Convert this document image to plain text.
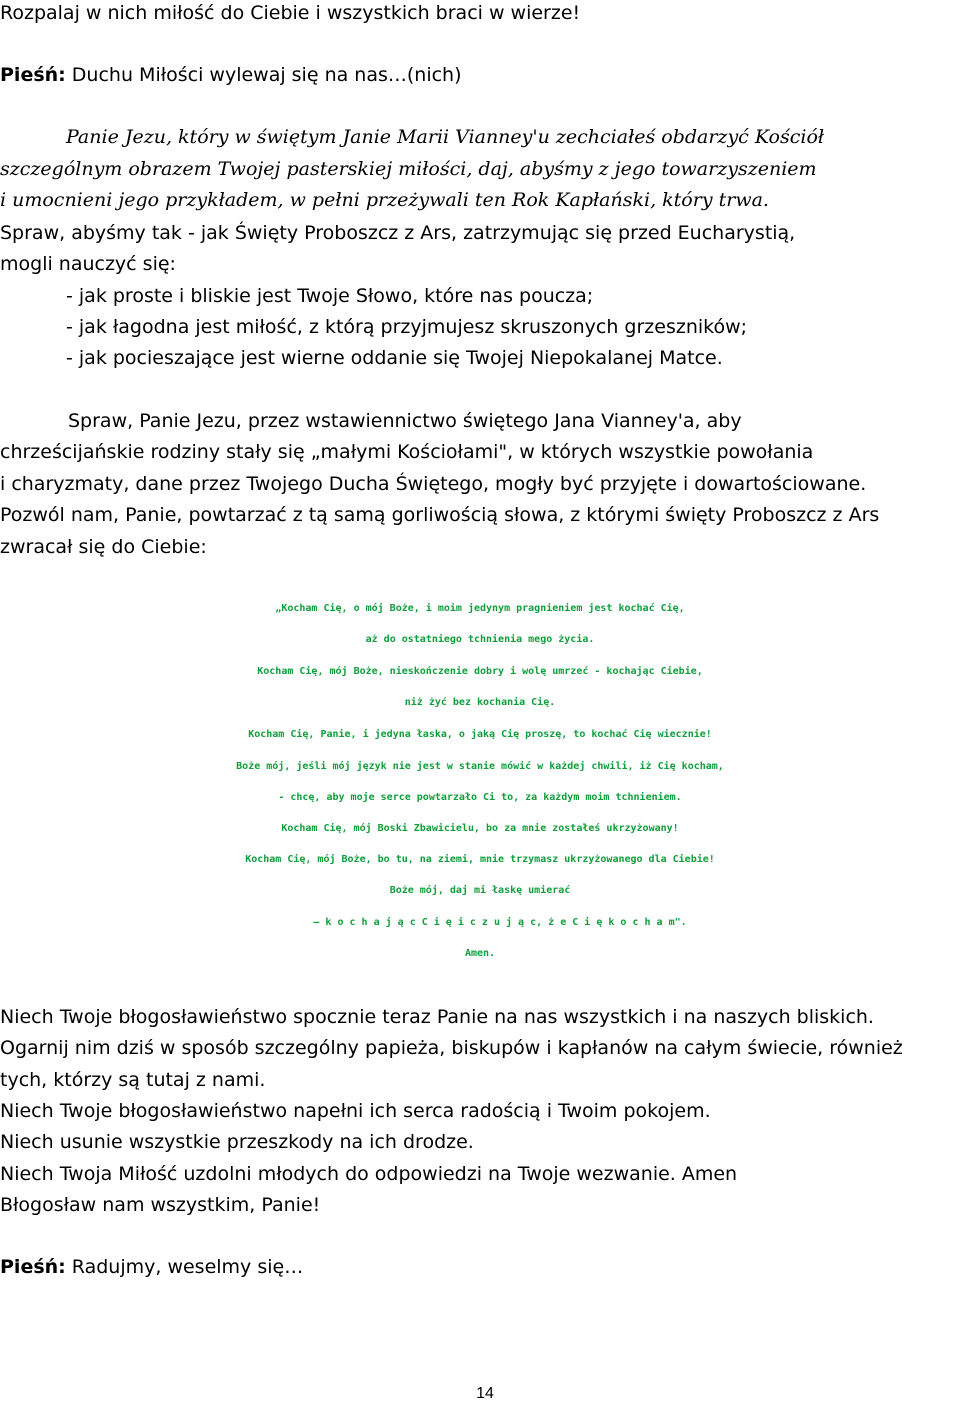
Rozpalaj w nich miłość do Ciebie i wszystkich braci w wierze!
Pieśń: Duchu Miłości wylewaj się na nas…(nich)
Panie Jezu, który w świętym Janie Marii Vianney'u zechciałeś obdarzyć Kościół
szczególnym obrazem Twojej pasterskiej miłości, daj, abyśmy z jego towarzyszeniem
i umocnieni jego przykładem, w pełni przeżywali ten Rok Kapłański, który trwa.
Spraw, abyśmy tak - jak Święty Proboszcz z Ars, zatrzymując się przed Eucharystią,
mogli nauczyć się:
- jak proste i bliskie jest Twoje Słowo, które nas poucza;
- jak łagodna jest miłość, z którą przyjmujesz skruszonych grzeszników;
- jak pocieszające jest wierne oddanie się Twojej Niepokalanej Matce.
Spraw, Panie Jezu, przez wstawiennictwo świętego Jana Vianney'a, aby
chrześcijańskie rodziny stały się „małymi Kościołami", w których wszystkie powołania
i charyzmaty, dane przez Twojego Ducha Świętego, mogły być przyjęte i dowartościowane.
Pozwól nam, Panie, powtarzać z tą samą gorliwością słowa, z którymi święty Proboszcz z Ars
zwracał się do Ciebie:
„Kocham Cię, o mój Boże, i moim jedynym pragnieniem jest kochać Cię,
aż do ostatniego tchnienia mego życia.
Kocham Cię, mój Boże, nieskończenie dobry i wolę umrzeć - kochając Ciebie,
niż żyć bez kochania Cię.
Kocham Cię, Panie, i jedyna łaska, o jaką Cię proszę, to kochać Cię wiecznie!
Boże mój, jeśli mój język nie jest w stanie mówić w każdej chwili, iż Cię kocham,
- chcę, aby moje serce powtarzało Ci to, za każdym moim tchnieniem.
Kocham Cię, mój Boski Zbawicielu, bo za mnie zostałeś ukrzyżowany!
Kocham Cię, mój Boże, bo tu, na ziemi, mnie trzymasz ukrzyżowanego dla Ciebie!
Boże mój, daj mi łaskę umierać
– k o c h a j ą c C i ę i c z u j ą c, ż e C i ę k o c h a m".
Amen.
Niech Twoje błogosławieństwo spocznie teraz Panie na nas wszystkich i na naszych bliskich.
Ogarnij nim dziś w sposób szczególny papieża, biskupów i kapłanów na całym świecie, również
tych, którzy są tutaj z nami.
Niech Twoje błogosławieństwo napełni ich serca radością i Twoim pokojem.
Niech usunie wszystkie przeszkody na ich drodze.
Niech Twoja Miłość uzdolni młodych do odpowiedzi na Twoje wezwanie. Amen
Błogosław nam wszystkim, Panie!
Pieśń: Radujmy, weselmy się…
14
